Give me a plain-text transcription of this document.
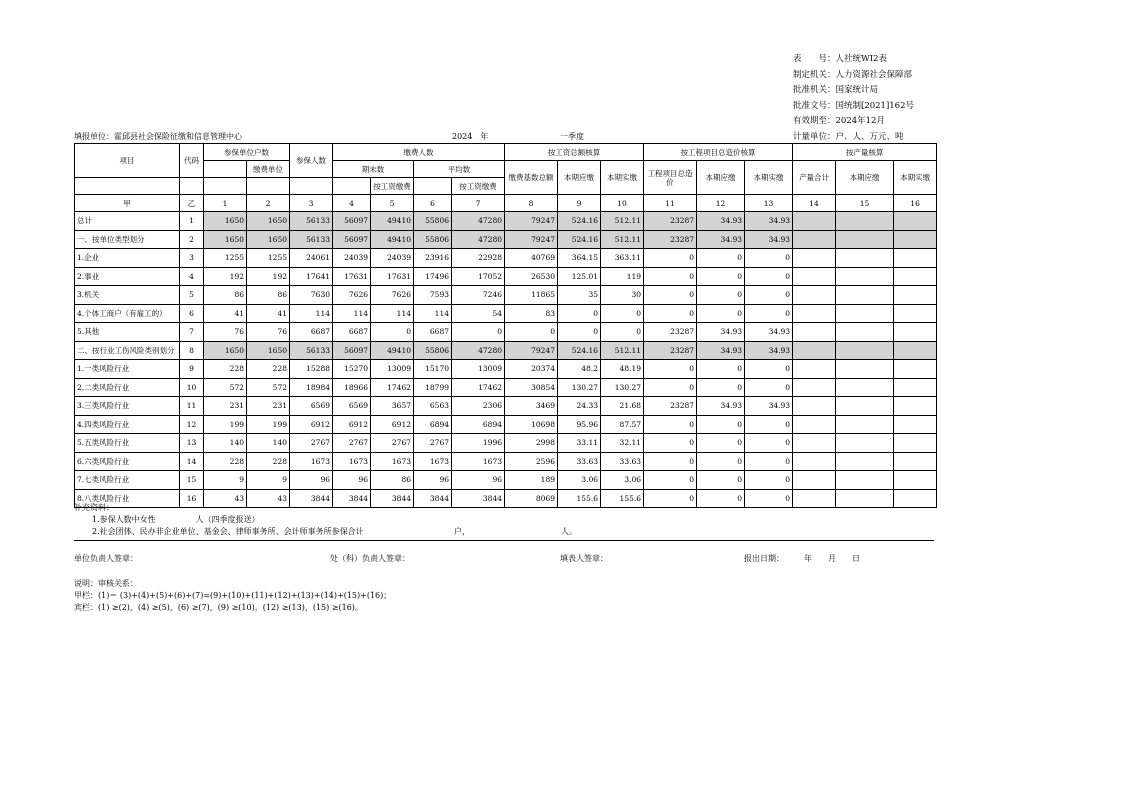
表　　号：人社统WI2表
制定机关：人力资源社会保障部
批准机关：国家统计局
批准文号：国统制[2021]162号
有效期至：2024年12月
填报单位：霍邱县社会保险征缴和信息管理中心	2024　年	一季度	计量单位：户、人、万元、吨
项目	代码	参保单位户数		参保人数	缴费人数				按工资总额核算			按工程项目总造价核算			按产量核算		
			缴费单位		期末数		平均数		缴费基数总额	本期应缴	本期实缴	工程项目总造价	本期应缴	本期实缴	产量合计	本期应缴	本期实缴
						按工资缴费		按工资缴费									
甲	乙	1	2	3	4	5	6	7	8	9	10	11	12	13	14	15	16
总计	1	1650	1650	56133	56097	49410	55806	47280	79247	524.16	512.11	23287	34.93	34.93			
一、按单位类型划分	2	1650	1650	56133	56097	49410	55806	47280	79247	524.16	512.11	23287	34.93	34.93			
1.企业	3	1255	1255	24061	24039	24039	23916	22928	40769	364.15	363.11	0	0	0			
2.事业	4	192	192	17641	17631	17631	17496	17052	26530	125.01	119	0	0	0			
3.机关	5	86	86	7630	7626	7626	7593	7246	11865	35	30	0	0	0			
4.个体工商户（有雇工的）	6	41	41	114	114	114	114	54	83	0	0	0	0	0			
5.其他	7	76	76	6687	6687	0	6687	0	0	0	0	23287	34.93	34.93			
二、按行业工伤风险类别划分	8	1650	1650	56133	56097	49410	55806	47280	79247	524.16	512.11	23287	34.93	34.93			
1.一类风险行业	9	228	228	15288	15270	13009	15170	13009	20374	48.2	48.19	0	0	0			
2.二类风险行业	10	572	572	18984	18966	17462	18799	17462	30854	130.27	130.27	0	0	0			
3.三类风险行业	11	231	231	6569	6569	3657	6563	2306	3469	24.33	21.68	23287	34.93	34.93			
4.四类风险行业	12	199	199	6912	6912	6912	6894	6894	10698	95.96	87.57	0	0	0			
5.五类风险行业	13	140	140	2767	2767	2767	2767	1996	2998	33.11	32.11	0	0	0			
6.六类风险行业	14	228	228	1673	1673	1673	1673	1673	2596	33.63	33.63	0	0	0			
7.七类风险行业	15	9	9	96	96	86	96	96	189	3.06	3.06	0	0	0			
8.八类风险行业	16	43	43	3844	3844	3844	3844	3844	8069	155.6	155.6	0	0	0			
补充资料：
1.参保人数中女性　　　　　人（四季度报送）
2.社会团体、民办非企业单位、基金会、律师事务所、会计师事务所参保合计	户，	人。
单位负责人签章：	处（科）负责人签章：	填表人签章：	报出日期：　　　年　　月　　日
说明：审核关系：
甲栏：(1)＝ (3)+(4)+(5)+(6)+(7)=(9)+(10)+(11)+(12)+(13)+(14)+(15)+(16)；
宾栏：(1) ≥(2)，(4) ≥(5)，(6) ≥(7)，(9) ≥(10)，(12) ≥(13)，(15) ≥(16)。
